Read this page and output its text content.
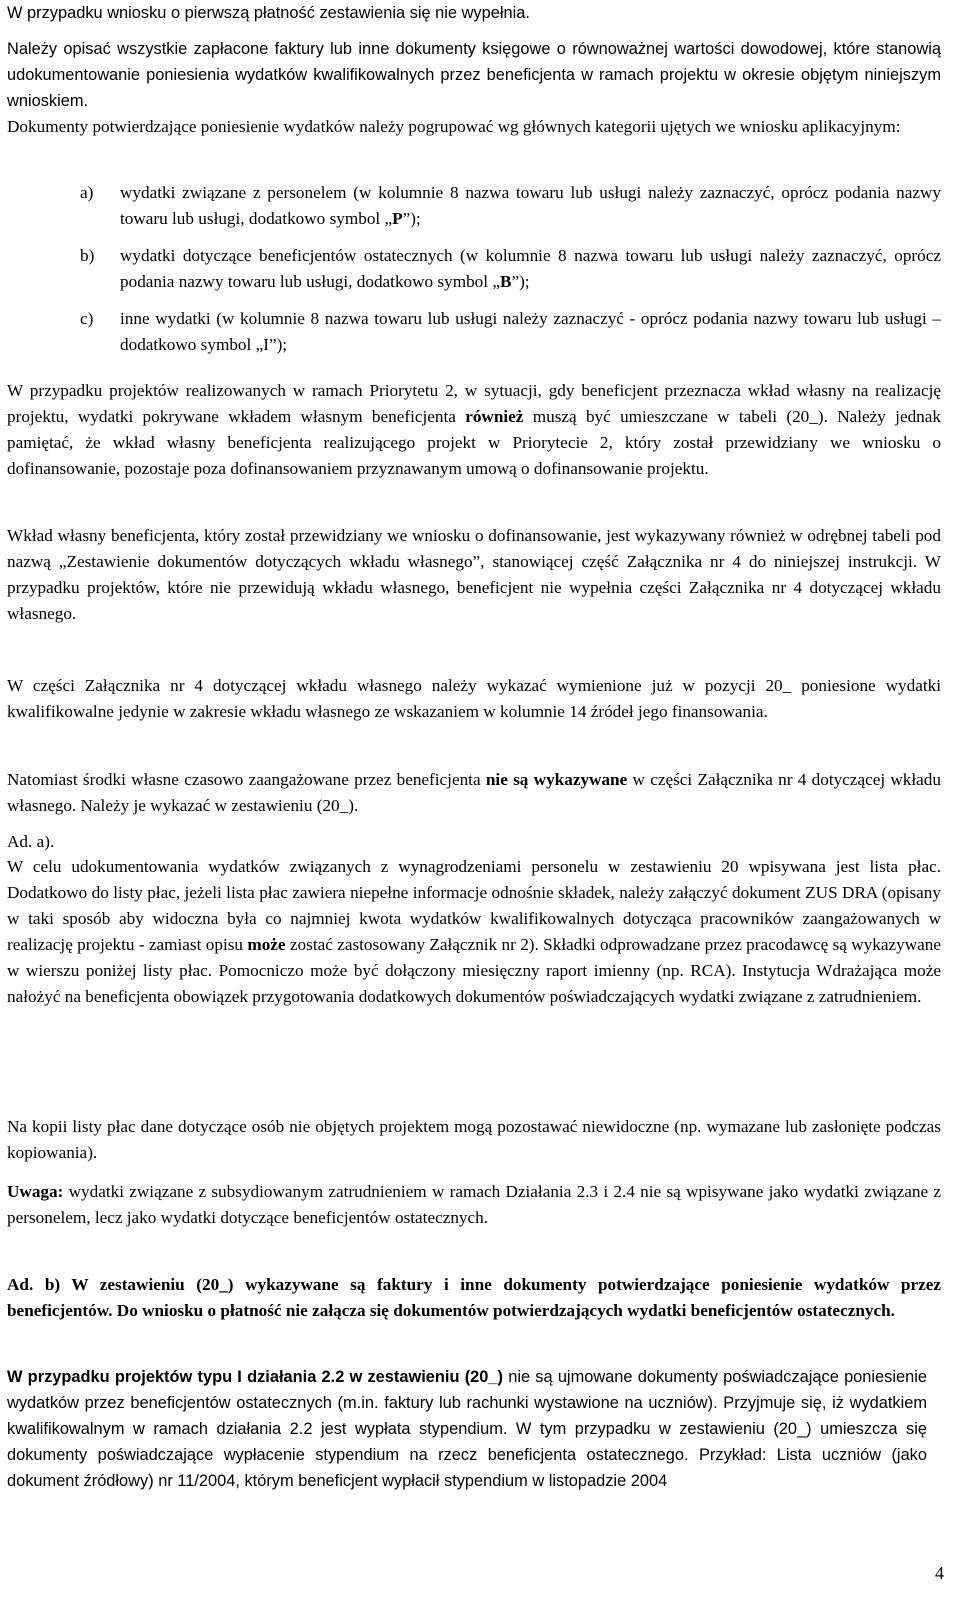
W przypadku wniosku o pierwszą płatność zestawienia się nie wypełnia.

Należy opisać wszystkie zapłacone faktury lub inne dokumenty księgowe o równoważnej wartości dowodowej, które stanowią udokumentowanie poniesienia wydatków kwalifikowalnych przez beneficjenta w ramach projektu w okresie objętym niniejszym wnioskiem.

Dokumenty potwierdzające poniesienie wydatków należy pogrupować wg głównych kategorii ujętych we wniosku aplikacyjnym:

a) wydatki związane z personelem (w kolumnie 8 nazwa towaru lub usługi należy zaznaczyć, oprócz podania nazwy towaru lub usługi, dodatkowo symbol „P”);
b) wydatki dotyczące beneficjentów ostatecznych (w kolumnie 8 nazwa towaru lub usługi należy zaznaczyć, oprócz podania nazwy towaru lub usługi, dodatkowo symbol „B”);
c) inne wydatki (w kolumnie 8 nazwa towaru lub usługi należy zaznaczyć - oprócz podania nazwy towaru lub usługi – dodatkowo symbol „I”);

W przypadku projektów realizowanych w ramach Priorytetu 2, w sytuacji, gdy beneficjent przeznacza wkład własny na realizację projektu, wydatki pokrywane wkładem własnym beneficjenta również muszą być umieszczane w tabeli (20_). Należy jednak pamiętać, że wkład własny beneficjenta realizującego projekt w Priorytecie 2, który został przewidziany we wniosku o dofinansowanie, pozostaje poza dofinansowaniem przyznawanym umową o dofinansowanie projektu.

Wkład własny beneficjenta, który został przewidziany we wniosku o dofinansowanie, jest wykazywany również w odrębnej tabeli pod nazwą „Zestawienie dokumentów dotyczących wkładu własnego”, stanowiącej część Załącznika nr 4 do niniejszej instrukcji. W przypadku projektów, które nie przewidują wkładu własnego, beneficjent nie wypełnia części Załącznika nr 4 dotyczącej wkładu własnego.

W części Załącznika nr 4 dotyczącej wkładu własnego należy wykazać wymienione już w pozycji 20_ poniesione wydatki kwalifikowalne jedynie w zakresie wkładu własnego ze wskazaniem w kolumnie 14 źródeł jego finansowania.

Natomiast środki własne czasowo zaangażowane przez beneficjenta nie są wykazywane w części Załącznika nr 4 dotyczącej wkładu własnego. Należy je wykazać w zestawieniu (20_).

Ad. a).

W celu udokumentowania wydatków związanych z wynagrodzeniami personelu w zestawieniu 20 wpisywana jest lista płac. Dodatkowo do listy płac, jeżeli lista płac zawiera niepełne informacje odnośnie składek, należy załączyć dokument ZUS DRA (opisany w taki sposób aby widoczna była co najmniej kwota wydatków kwalifikowalnych dotycząca pracowników zaangażowanych w realizację projektu - zamiast opisu może zostać zastosowany Załącznik nr 2). Składki odprowadzane przez pracodawcę są wykazywane w wierszu poniżej listy płac. Pomocniczo może być dołączony miesięczny raport imienny (np. RCA). Instytucja Wdrażająca może nałożyć na beneficjenta obowiązek przygotowania dodatkowych dokumentów poświadczających wydatki związane z zatrudnieniem.

Na kopii listy płac dane dotyczące osób nie objętych projektem mogą pozostawać niewidoczne (np. wymazane lub zasłonięte podczas kopiowania).

Uwaga: wydatki związane z subsydiowanym zatrudnieniem w ramach Działania 2.3 i 2.4 nie są wpisywane jako wydatki związane z personelem, lecz jako wydatki dotyczące beneficjentów ostatecznych.

Ad. b) W zestawieniu (20_) wykazywane są faktury i inne dokumenty potwierdzające poniesienie wydatków przez beneficjentów. Do wniosku o płatność nie załącza się dokumentów potwierdzających wydatki beneficjentów ostatecznych.

W przypadku projektów typu I działania 2.2 w zestawieniu (20_) nie są ujmowane dokumenty poświadczające poniesienie wydatków przez beneficjentów ostatecznych (m.in. faktury lub rachunki wystawione na uczniów). Przyjmuje się, iż wydatkiem kwalifikowalnym w ramach działania 2.2 jest wypłata stypendium. W tym przypadku w zestawieniu (20_) umieszcza się dokumenty poświadczające wypłacenie stypendium na rzecz beneficjenta ostatecznego. Przykład: Lista uczniów (jako dokument źródłowy) nr 11/2004, którym beneficjent wypłacił stypendium w listopadzie 2004

4
